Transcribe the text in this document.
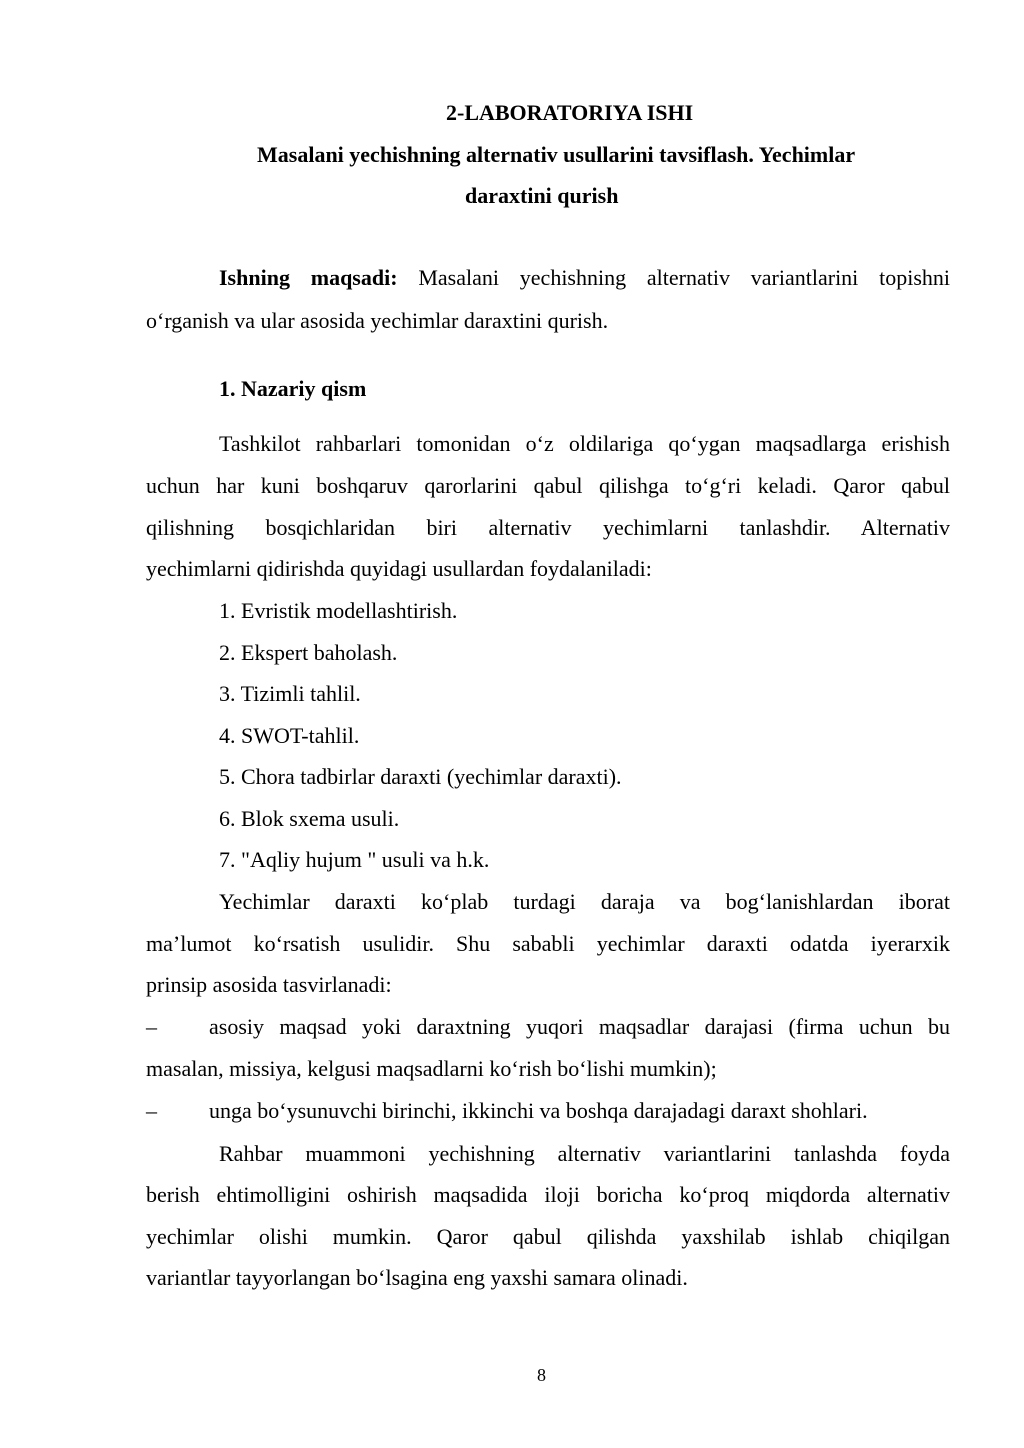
2-LABORATORIYA ISHI
Masalani yechishning alternativ usullarini tavsiflash. Yechimlar
daraxtini qurish
Ishning maqsadi: Masalani yechishning alternativ variantlarini topishni
o‘rganish va ular asosida yechimlar daraxtini qurish.
1. Nazariy qism
Tashkilot rahbarlari tomonidan o‘z oldilariga qo‘ygan maqsadlarga erishish
uchun har kuni boshqaruv qarorlarini qabul qilishga to‘g‘ri keladi. Qaror qabul
qilishning bosqichlaridan biri alternativ yechimlarni tanlashdir. Alternativ
yechimlarni qidirishda quyidagi usullardan foydalaniladi:
1. Evristik modellashtirish.
2. Ekspert baholash.
3. Tizimli tahlil.
4. SWOT-tahlil.
5. Chora tadbirlar daraxti (yechimlar daraxti).
6. Blok sxema usuli.
7. "Aqliy hujum " usuli va h.k.
Yechimlar daraxti ko‘plab turdagi daraja va bog‘lanishlardan iborat
ma’lumot ko‘rsatish usulidir. Shu sababli yechimlar daraxti odatda iyerarxik
prinsip asosida tasvirlanadi:
– asosiy maqsad yoki daraxtning yuqori maqsadlar darajasi (firma uchun bu
masalan, missiya, kelgusi maqsadlarni ko‘rish bo‘lishi mumkin);
– unga bo‘ysunuvchi birinchi, ikkinchi va boshqa darajadagi daraxt shohlari.
Rahbar muammoni yechishning alternativ variantlarini tanlashda foyda
berish ehtimolligini oshirish maqsadida iloji boricha ko‘proq miqdorda alternativ
yechimlar olishi mumkin. Qaror qabul qilishda yaxshilab ishlab chiqilgan
variantlar tayyorlangan bo‘lsagina eng yaxshi samara olinadi.
8
